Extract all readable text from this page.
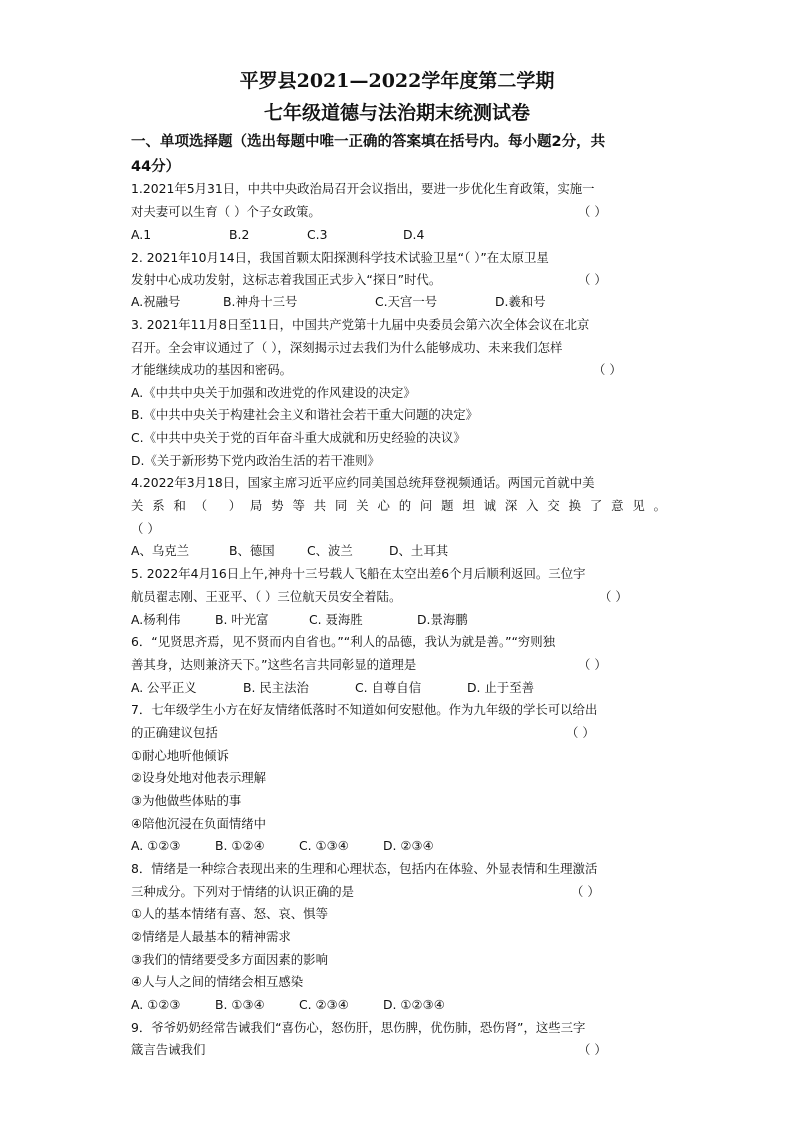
平罗县2021—2022学年度第二学期
七年级道德与法治期末统测试卷
一、单项选择题（选出每题中唯一正确的答案填在括号内。每小题2分，共
44分）
1.2021年5月31日，中共中央政治局召开会议指出，要进一步优化生育政策，实施一
对夫妻可以生育（ ）个子女政策。	（ ）
A.1	B.2	C.3	D.4
2. 2021年10月14日，我国首颗太阳探测科学技术试验卫星“（ ）”在太原卫星
发射中心成功发射，这标志着我国正式步入“探日”时代。	（ ）
A.祝融号	B.神舟十三号	C.天宫一号	D.羲和号
3. 2021年11月8日至11日，中国共产党第十九届中央委员会第六次全体会议在北京
召开。全会审议通过了（ ），深刻揭示过去我们为什么能够成功、未来我们怎样
才能继续成功的基因和密码。	（ ）
A.《中共中央关于加强和改进党的作风建设的决定》
B.《中共中央关于构建社会主义和谐社会若干重大问题的决定》
C.《中共中央关于党的百年奋斗重大成就和历史经验的决议》
D.《关于新形势下党内政治生活的若干准则》
4.2022年3月18日，国家主席习近平应约同美国总统拜登视频通话。两国元首就中美
关系和（ ）局势等共同关心的问题坦诚深入交换了意见。
（ ）
A、乌克兰	B、德国	C、波兰	D、土耳其
5. 2022年4月16日上午,神舟十三号载人飞船在太空出差6个月后顺利返回。三位宇
航员翟志刚、王亚平、（ ）三位航天员安全着陆。	（ ）
A.杨利伟	B. 叶光富	C. 聂海胜	D.景海鹏
6．“见贤思齐焉，见不贤而内自省也。”“利人的品德，我认为就是善。”“穷则独
善其身，达则兼济天下。”这些名言共同彰显的道理是	（ ）
A. 公平正义	B. 民主法治	C. 自尊自信	D. 止于至善
7．七年级学生小方在好友情绪低落时不知道如何安慰他。作为九年级的学长可以给出
的正确建议包括	（ ）
①耐心地听他倾诉
②设身处地对他表示理解
③为他做些体贴的事
④陪他沉浸在负面情绪中
A. ①②③	B. ①②④	C. ①③④	D. ②③④
8．情绪是一种综合表现出来的生理和心理状态，包括内在体验、外显表情和生理激活
三种成分。下列对于情绪的认识正确的是	（ ）
①人的基本情绪有喜、怒、哀、惧等
②情绪是人最基本的精神需求
③我们的情绪要受多方面因素的影响
④人与人之间的情绪会相互感染
A. ①②③	B. ①③④	C. ②③④	D. ①②③④
9．爷爷奶奶经常告诫我们“喜伤心，怒伤肝，思伤脾，优伤肺，恐伤肾”，这些三字
箴言告诫我们	（ ）
